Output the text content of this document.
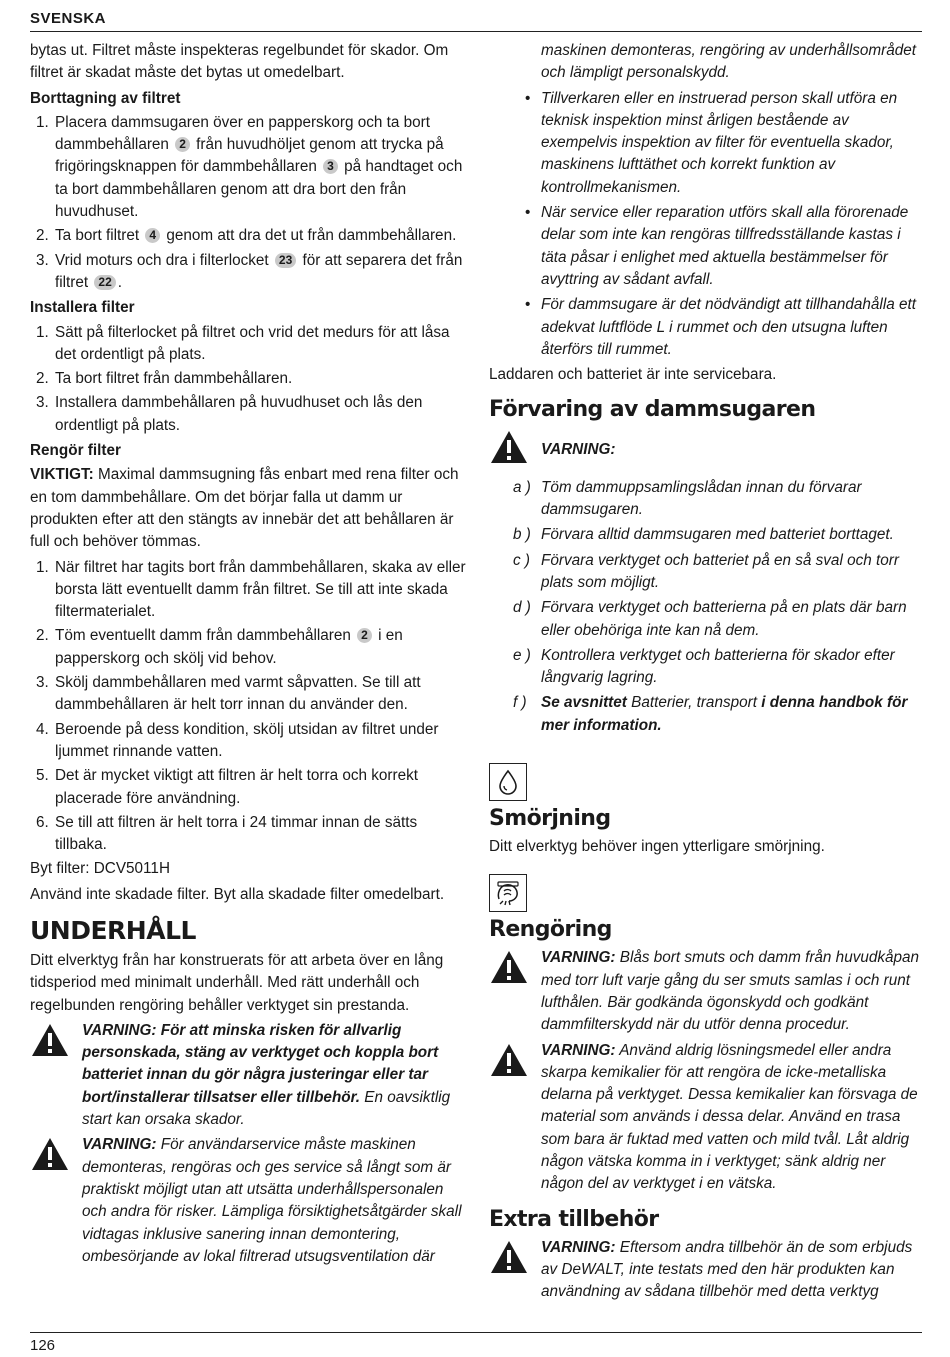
SVENSKA

bytas ut. Filtret måste inspekteras regelbundet för skador. Om filtret är skadat måste det bytas ut omedelbart.

Borttagning av filtret
1. Placera dammsugaren över en papperskorg och ta bort dammbehållaren 2 från huvudhöljet genom att trycka på frigöringsknappen för dammbehållaren 3 på handtaget och ta bort dammbehållaren genom att dra bort den från huvudhuset.
2. Ta bort filtret 4 genom att dra det ut från dammbehållaren.
3. Vrid moturs och dra i filterlocket 23 för att separera det från filtret 22 .
Installera filter
1. Sätt på filterlocket på filtret och vrid det medurs för att låsa det ordentligt på plats.
2. Ta bort filtret från dammbehållaren.
3. Installera dammbehållaren på huvudhuset och lås den ordentligt på plats.
Rengör filter

VIKTIGT: Maximal dammsugning fås enbart med rena filter och en tom dammbehållare. Om det börjar falla ut damm ur produkten efter att den stängts av innebär det att behållaren är full och behöver tömmas.

1. När filtret har tagits bort från dammbehållaren, skaka av eller borsta lätt eventuellt damm från filtret. Se till att inte skada filtermaterialet.
2. Töm eventuellt damm från dammbehållaren 2 i en papperskorg och skölj vid behov.
3. Skölj dammbehållaren med varmt såpvatten. Se till att dammbehållaren är helt torr innan du använder den.
4. Beroende på dess kondition, skölj utsidan av filtret under ljummet rinnande vatten.
5. Det är mycket viktigt att filtren är helt torra och korrekt placerade före användning.
6. Se till att filtren är helt torra i 24 timmar innan de sätts tillbaka.

Byt filter: DCV5011H

Använd inte skadade filter. Byt alla skadade filter omedelbart.

UNDERHÅLL

Ditt elverktyg från har konstruerats för att arbeta över en lång tidsperiod med minimalt underhåll. Med rätt underhåll och regelbunden rengöring behåller verktyget sin prestanda.

VARNING: För att minska risken för allvarlig personskada, stäng av verktyget och koppla bort batteriet innan du gör några justeringar eller tar bort/installerar tillsatser eller tillbehör. En oavsiktlig start kan orsaka skador.
VARNING: För användarservice måste maskinen demonteras, rengöras och ges service så långt som är praktiskt möjligt utan att utsätta underhållspersonalen och andra för risker. Lämpliga försiktighetsåtgärder skall vidtagas inklusive sanering innan demontering, ombesörjande av lokal filtrerad utsugsventilation där

maskinen demonteras, rengöring av underhållsområdet och lämpligt personalskydd.

• Tillverkaren eller en instruerad person skall utföra en teknisk inspektion minst årligen bestående av exempelvis inspektion av filter för eventuella skador, maskinens lufttäthet och korrekt funktion av kontrollmekanismen.
• När service eller reparation utförs skall alla förorenade delar som inte kan rengöras tillfredsställande kastas i täta påsar i enlighet med aktuella bestämmelser för avyttring av sådant avfall.
• För dammsugare är det nödvändigt att tillhandahålla ett adekvat luftflöde L i rummet och den utsugna luften återförs till rummet.

Laddaren och batteriet är inte servicebara.

Förvaring av dammsugaren
VARNING:
a ) Töm dammuppsamlingslådan innan du förvarar dammsugaren.
b ) Förvara alltid dammsugaren med batteriet borttaget.
c ) Förvara verktyget och batteriet på en så sval och torr plats som möjligt.
d ) Förvara verktyget och batterierna på en plats där barn eller obehöriga inte kan nå dem.
e ) Kontrollera verktyget och batterierna för skador efter långvarig lagring.
f ) Se avsnittet Batterier, transport i denna handbok för mer information.
Smörjning

Ditt elverktyg behöver ingen ytterligare smörjning.

Rengöring
VARNING: Blås bort smuts och damm från huvudkåpan med torr luft varje gång du ser smuts samlas i och runt lufthålen. Bär godkända ögonskydd och godkänt dammfilterskydd när du utför denna procedur.
VARNING: Använd aldrig lösningsmedel eller andra skarpa kemikalier för att rengöra de icke-metalliska delarna på verktyget. Dessa kemikalier kan försvaga de material som används i dessa delar. Använd en trasa som bara är fuktad med vatten och mild tvål. Låt aldrig någon vätska komma in i verktyget; sänk aldrig ner någon del av verktyget i en vätska.
Extra tillbehör
VARNING: Eftersom andra tillbehör än de som erbjuds av DeWALT, inte testats med den här produkten kan användning av sådana tillbehör med detta verktyg
126
